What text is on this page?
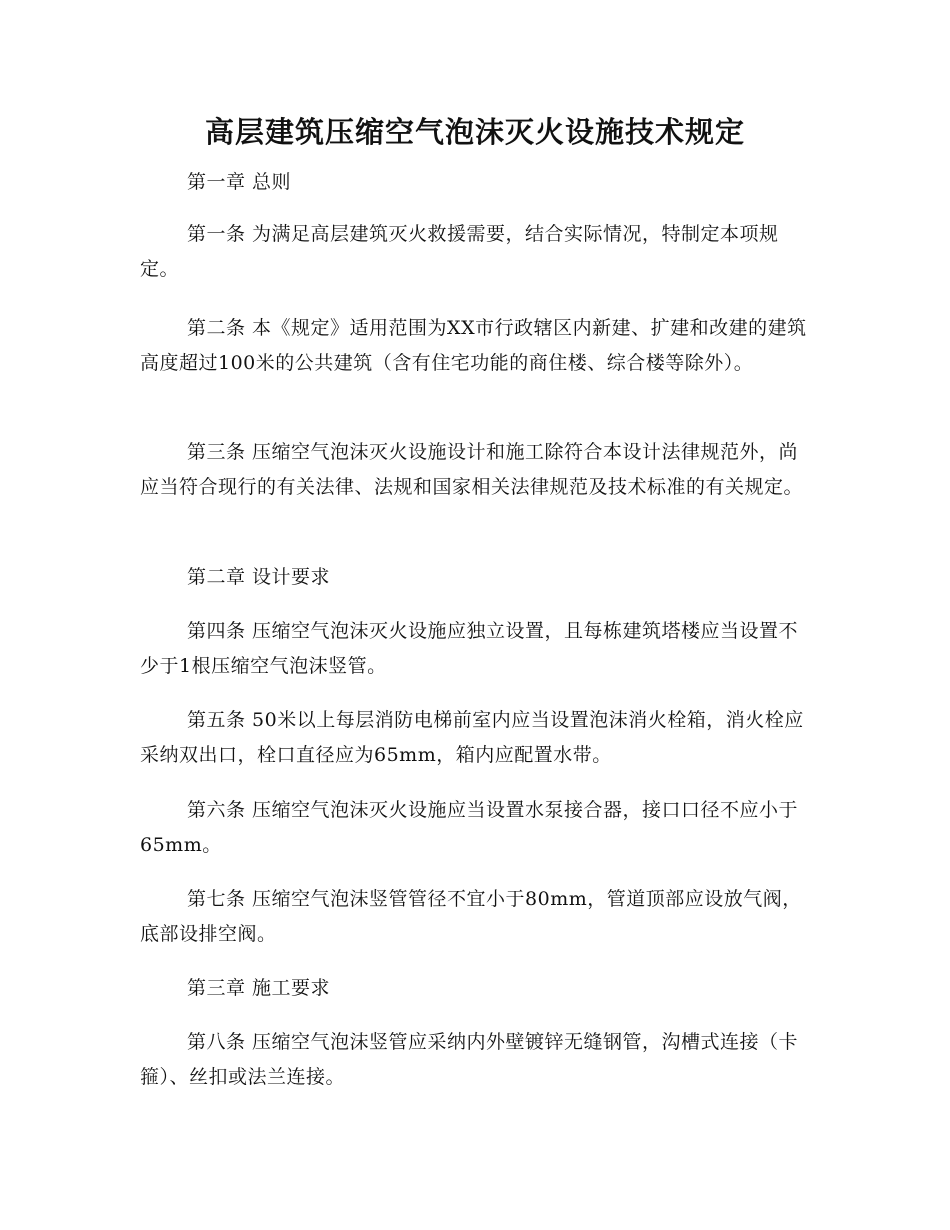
高层建筑压缩空气泡沫灭火设施技术规定

第一章 总则

第一条 为满足高层建筑灭火救援需要，结合实际情况，特制定本项规定。

第二条 本《规定》适用范围为XX市行政辖区内新建、扩建和改建的建筑高度超过100米的公共建筑（含有住宅功能的商住楼、综合楼等除外）。

第三条 压缩空气泡沫灭火设施设计和施工除符合本设计法律规范外，尚应当符合现行的有关法律、法规和国家相关法律规范及技术标准的有关规定。

第二章 设计要求

第四条 压缩空气泡沫灭火设施应独立设置，且每栋建筑塔楼应当设置不少于1根压缩空气泡沫竖管。

第五条 50米以上每层消防电梯前室内应当设置泡沫消火栓箱，消火栓应采纳双出口，栓口直径应为65mm，箱内应配置水带。

第六条 压缩空气泡沫灭火设施应当设置水泵接合器，接口口径不应小于65mm。

第七条 压缩空气泡沫竖管管径不宜小于80mm，管道顶部应设放气阀，底部设排空阀。

第三章 施工要求

第八条 压缩空气泡沫竖管应采纳内外壁镀锌无缝钢管，沟槽式连接（卡箍）、丝扣或法兰连接。
